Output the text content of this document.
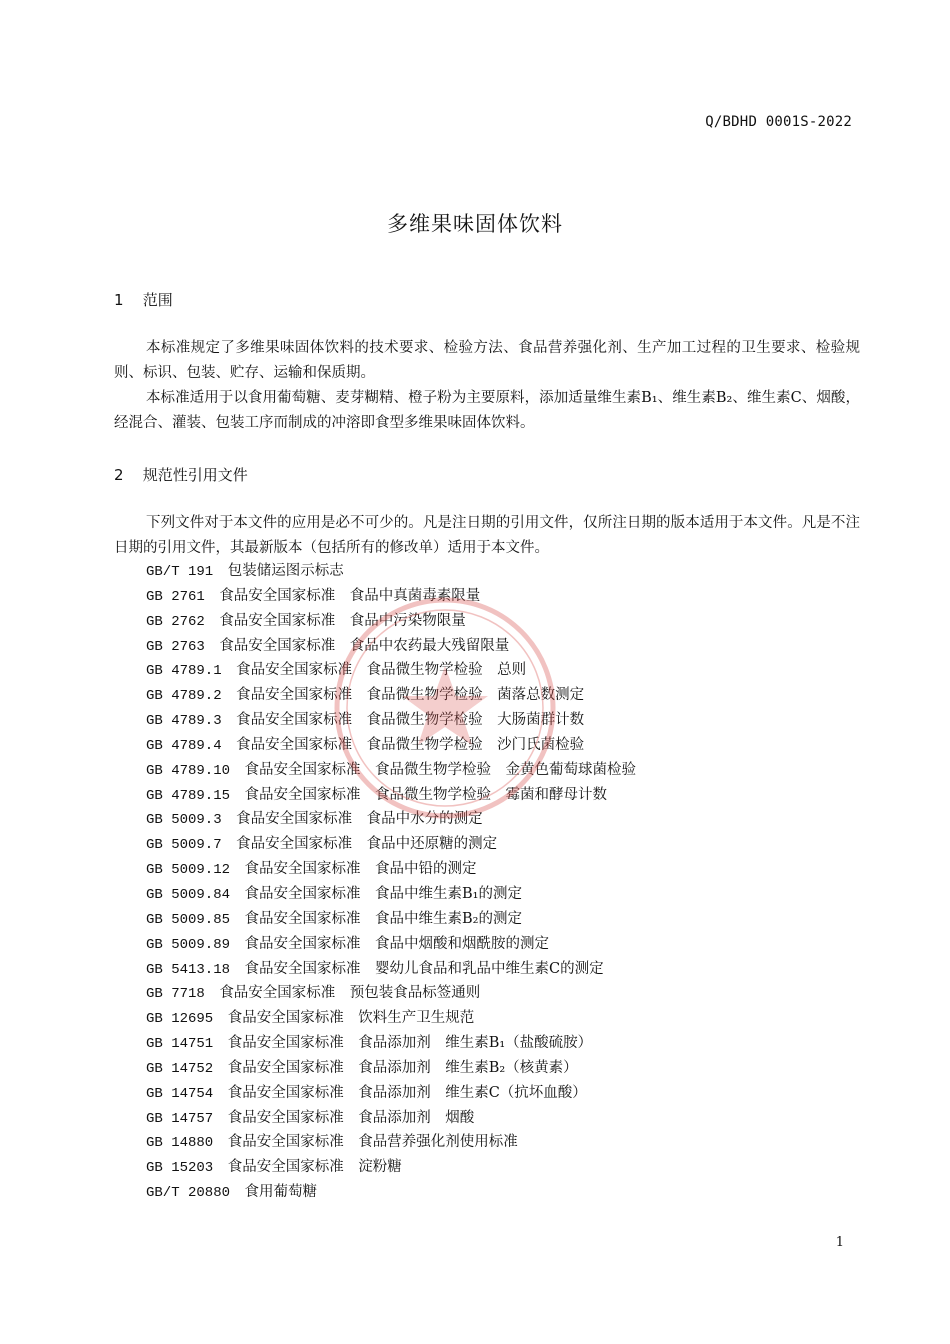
Q/BDHD 0001S-2022
多维果味固体饮料
1 范围
本标准规定了多维果味固体饮料的技术要求、检验方法、食品营养强化剂、生产加工过程的卫生要求、检验规则、标识、包装、贮存、运输和保质期。
本标准适用于以食用葡萄糖、麦芽糊精、橙子粉为主要原料，添加适量维生素B₁、维生素B₂、维生素C、烟酸，经混合、灌装、包装工序而制成的冲溶即食型多维果味固体饮料。
2 规范性引用文件
下列文件对于本文件的应用是必不可少的。凡是注日期的引用文件，仅所注日期的版本适用于本文件。凡是不注日期的引用文件，其最新版本（包括所有的修改单）适用于本文件。
GB/T 191　 包装储运图示标志
GB 2761　 食品安全国家标准　食品中真菌毒素限量
GB 2762　 食品安全国家标准　食品中污染物限量
GB 2763　 食品安全国家标准　食品中农药最大残留限量
GB 4789.1　 食品安全国家标准　食品微生物学检验　总则
GB 4789.2　 食品安全国家标准　食品微生物学检验　菌落总数测定
GB 4789.3　 食品安全国家标准　食品微生物学检验　大肠菌群计数
GB 4789.4　 食品安全国家标准　食品微生物学检验　沙门氏菌检验
GB 4789.10　 食品安全国家标准　食品微生物学检验　金黄色葡萄球菌检验
GB 4789.15　 食品安全国家标准　食品微生物学检验　霉菌和酵母计数
GB 5009.3　 食品安全国家标准　食品中水分的测定
GB 5009.7　 食品安全国家标准　食品中还原糖的测定
GB 5009.12　 食品安全国家标准　食品中铅的测定
GB 5009.84　 食品安全国家标准　食品中维生素B₁的测定
GB 5009.85　 食品安全国家标准　食品中维生素B₂的测定
GB 5009.89　 食品安全国家标准　食品中烟酸和烟酰胺的测定
GB 5413.18　 食品安全国家标准　婴幼儿食品和乳品中维生素C的测定
GB 7718　 食品安全国家标准　预包装食品标签通则
GB 12695　 食品安全国家标准　饮料生产卫生规范
GB 14751　 食品安全国家标准　食品添加剂　维生素B₁（盐酸硫胺）
GB 14752　 食品安全国家标准　食品添加剂　维生素B₂（核黄素）
GB 14754　 食品安全国家标准　食品添加剂　维生素C（抗坏血酸）
GB 14757　 食品安全国家标准　食品添加剂　烟酸
GB 14880　 食品安全国家标准　食品营养强化剂使用标准
GB 15203　 食品安全国家标准　淀粉糖
GB/T 20880　 食用葡萄糖
1
